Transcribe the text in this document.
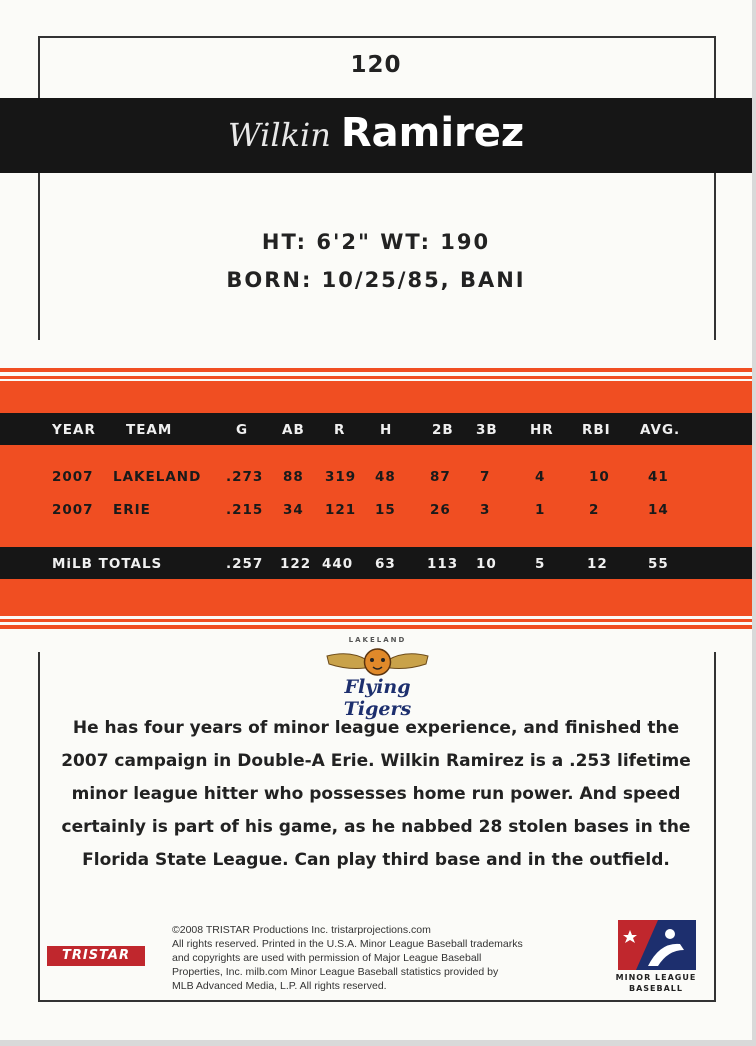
120
Wilkin Ramirez
HT: 6'2" WT: 190
BORN: 10/25/85, BANI
YEAR TEAM	G	AB R	H	2B 3B HR RBI AVG.
2007 LAKELAND .273 88 319 48	87 7	4	10	41
2007 ERIE	.215 34 121 15	26 3	1	2	14
MiLB TOTALS	.257 122 440 63 113 10	5	12	55
LAKELAND
Flying Tigers
He has four years of minor league experience, and finished the
2007 campaign in Double-A Erie. Wilkin Ramirez is a .253 lifetime
minor league hitter who possesses home run power. And speed
certainly is part of his game, as he nabbed 28 stolen bases in the
Florida State League. Can play third base and in the outfield.
TRISTAR
©2008 TRISTAR Productions Inc. tristarprojections.com
All rights reserved. Printed in the U.S.A. Minor League Baseball trademarks
and copyrights are used with permission of Major League Baseball
Properties, Inc. milb.com Minor League Baseball statistics provided by
MLB Advanced Media, L.P. All rights reserved.
MINOR LEAGUE
BASEBALL
